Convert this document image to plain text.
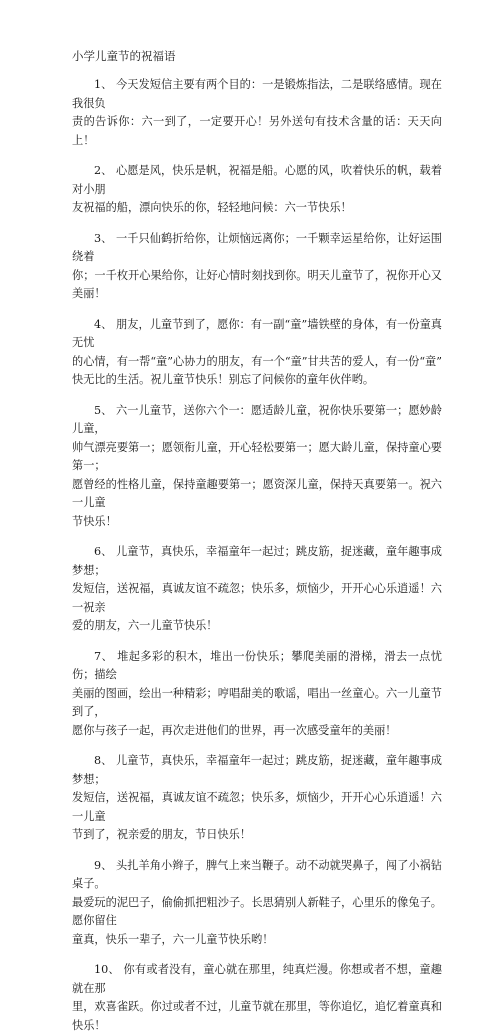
小学儿童节的祝福语
1、 今天发短信主要有两个目的：一是锻炼指法，二是联络感情。现在我很负
责的告诉你：六一到了，一定要开心！另外送句有技术含量的话：天天向上！
2、 心愿是风，快乐是帆，祝福是船。心愿的风，吹着快乐的帆，载着对小朋
友祝福的船，漂向快乐的你，轻轻地问候：六一节快乐！
3、 一千只仙鹤折给你，让烦恼远离你；一千颗幸运星给你，让好运围绕着
你；一千枚开心果给你，让好心情时刻找到你。明天儿童节了，祝你开心又美丽！
4、 朋友，儿童节到了，愿你：有一副“童”墙铁壁的身体，有一份童真无忧
的心情，有一帮“童”心协力的朋友，有一个“童”甘共苦的爱人，有一份“童”
快无比的生活。祝儿童节快乐！别忘了问候你的童年伙伴哟。
5、 六一儿童节，送你六个一：愿适龄儿童，祝你快乐要第一；愿妙龄儿童，
帅气漂亮要第一；愿领衔儿童，开心轻松要第一；愿大龄儿童，保持童心要第一；
愿曾经的性格儿童，保持童趣要第一；愿资深儿童，保持天真要第一。祝六一儿童
节快乐！
6、 儿童节，真快乐，幸福童年一起过；跳皮筋，捉迷藏，童年趣事成梦想；
发短信，送祝福，真诚友谊不疏忽；快乐多，烦恼少，开开心心乐逍遥！六一祝亲
爱的朋友，六一儿童节快乐！
7、 堆起多彩的积木，堆出一份快乐；攀爬美丽的滑梯，滑去一点忧伤；描绘
美丽的图画，绘出一种精彩；哼唱甜美的歌谣，唱出一丝童心。六一儿童节到了，
愿你与孩子一起，再次走进他们的世界，再一次感受童年的美丽！
8、 儿童节，真快乐，幸福童年一起过；跳皮筋，捉迷藏，童年趣事成梦想；
发短信，送祝福，真诚友谊不疏忽；快乐多，烦恼少，开开心心乐逍遥！六一儿童
节到了，祝亲爱的朋友，节日快乐！
9、 头扎羊角小辫子，脾气上来当鞭子。动不动就哭鼻子，闯了小祸钻桌子。
最爱玩的泥巴子，偷偷抓把粗沙子。长思猜别人新鞋子，心里乐的像兔子。愿你留住
童真，快乐一辈子，六一儿童节快乐哟！
10、 你有或者没有，童心就在那里，纯真烂漫。你想或者不想，童趣就在那
里，欢喜雀跃。你过或者不过，儿童节就在那里，等你追忆，追忆着童真和快乐！
